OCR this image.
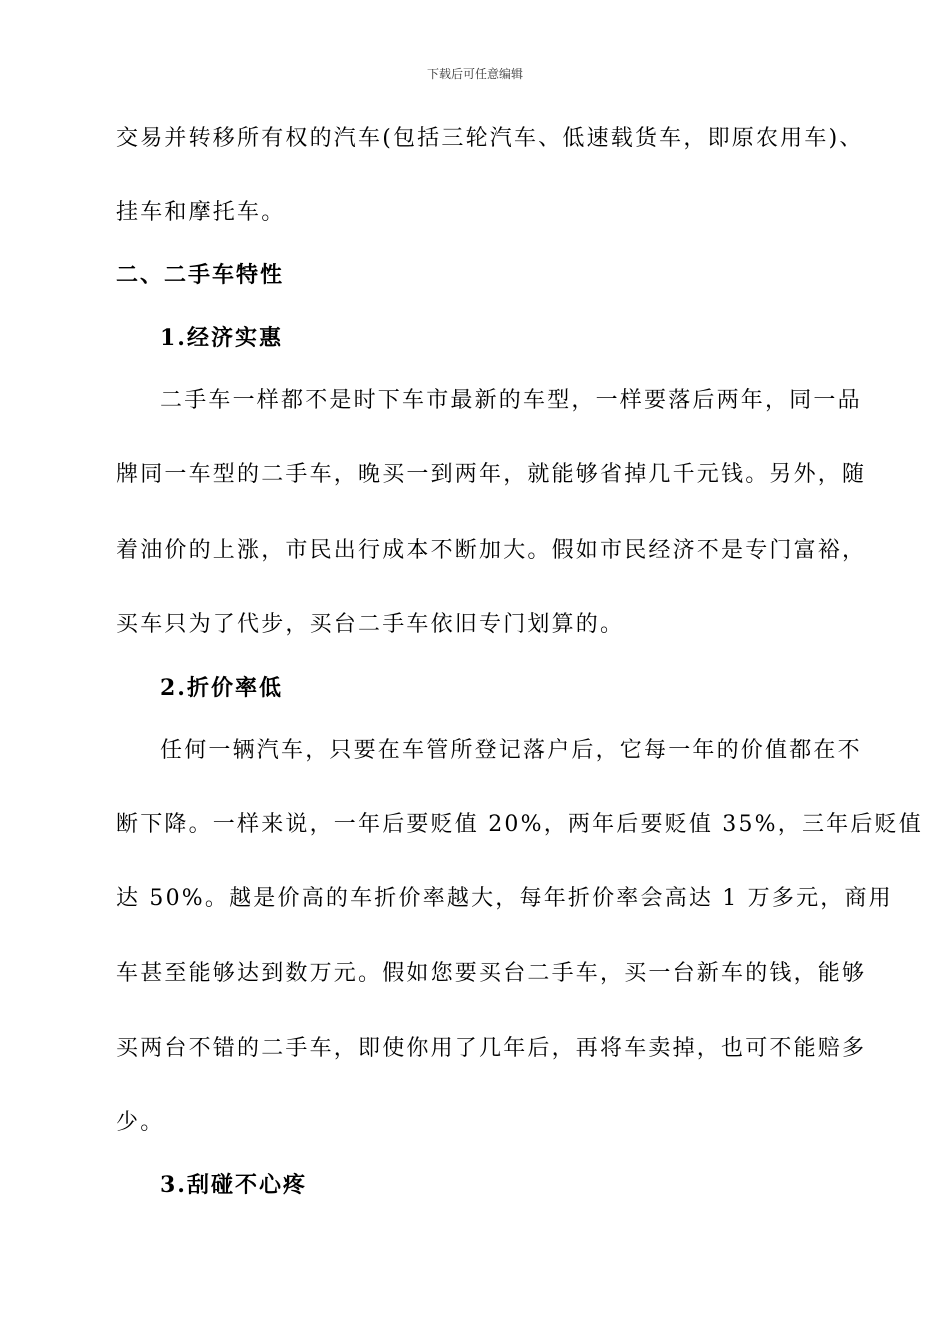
下载后可任意编辑
交易并转移所有权的汽车(包括三轮汽车、低速载货车，即原农用车)、
挂车和摩托车。
二、二手车特性
1.经济实惠
二手车一样都不是时下车市最新的车型，一样要落后两年，同一品
牌同一车型的二手车，晚买一到两年，就能够省掉几千元钱。另外，随
着油价的上涨，市民出行成本不断加大。假如市民经济不是专门富裕，
买车只为了代步，买台二手车依旧专门划算的。
2.折价率低
任何一辆汽车，只要在车管所登记落户后，它每一年的价值都在不
断下降。一样来说，一年后要贬值 20%，两年后要贬值 35%，三年后贬值
达 50%。越是价高的车折价率越大，每年折价率会高达 1 万多元，商用
车甚至能够达到数万元。假如您要买台二手车，买一台新车的钱，能够
买两台不错的二手车，即使你用了几年后，再将车卖掉，也可不能赔多
少。
3.刮碰不心疼
